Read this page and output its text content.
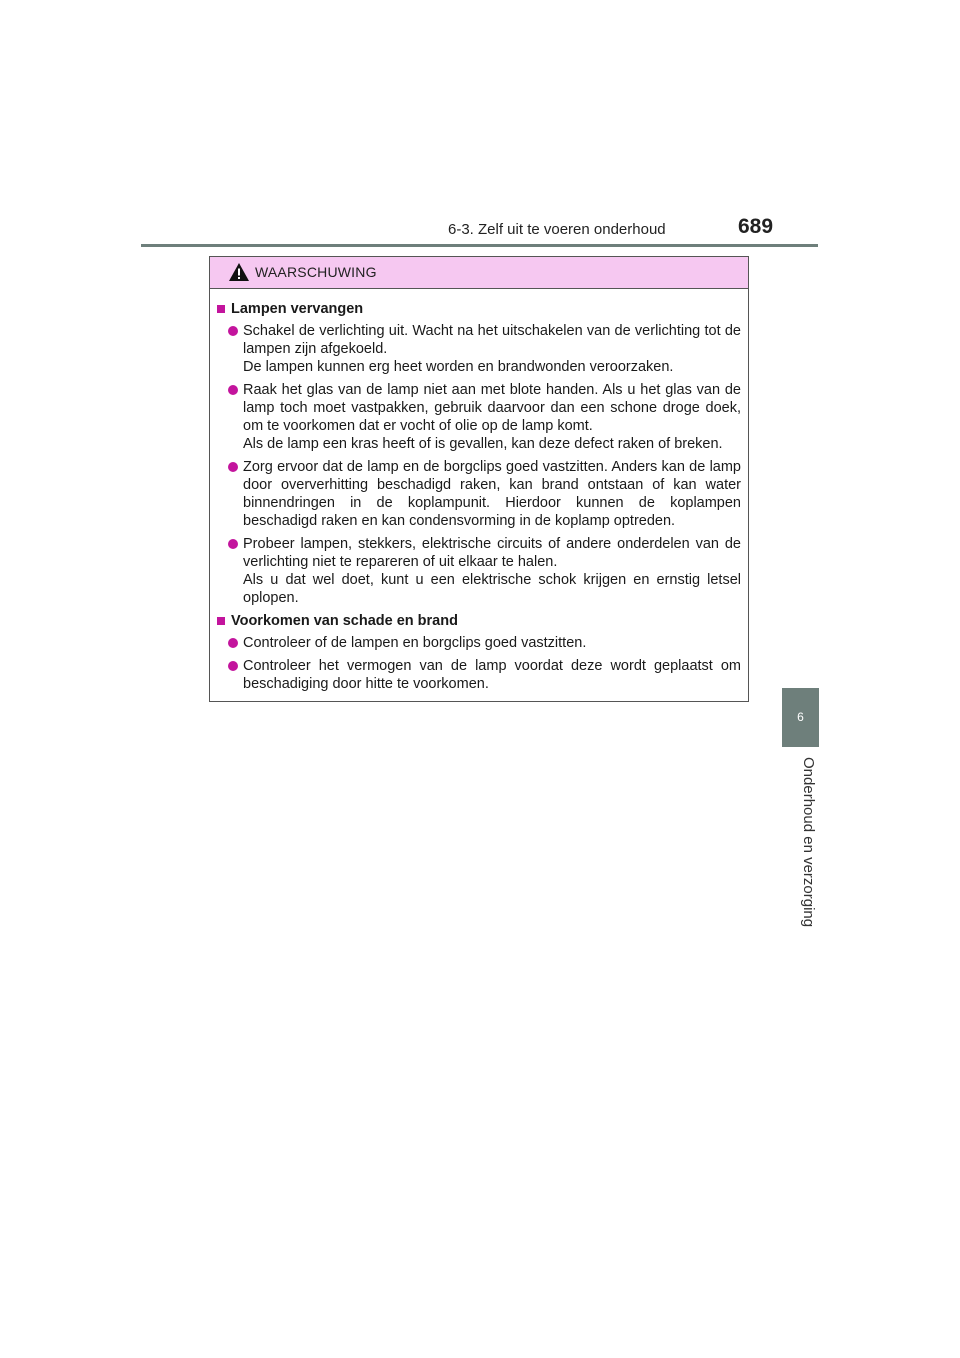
6-3. Zelf uit te voeren onderhoud	689
6
Onderhoud en verzorging
WAARSCHUWING
Lampen vervangen
Schakel de verlichting uit. Wacht na het uitschakelen van de verlichting tot de lampen zijn afgekoeld.
De lampen kunnen erg heet worden en brandwonden veroorzaken.
Raak het glas van de lamp niet aan met blote handen. Als u het glas van de lamp toch moet vastpakken, gebruik daarvoor dan een schone droge doek, om te voorkomen dat er vocht of olie op de lamp komt.
Als de lamp een kras heeft of is gevallen, kan deze defect raken of breken.
Zorg ervoor dat de lamp en de borgclips goed vastzitten. Anders kan de lamp door oververhitting beschadigd raken, kan brand ontstaan of kan water binnendringen in de koplampunit. Hierdoor kunnen de koplampen beschadigd raken en kan condensvorming in de koplamp optreden.
Probeer lampen, stekkers, elektrische circuits of andere onderdelen van de verlichting niet te repareren of uit elkaar te halen.
Als u dat wel doet, kunt u een elektrische schok krijgen en ernstig letsel oplopen.
Voorkomen van schade en brand
Controleer of de lampen en borgclips goed vastzitten.
Controleer het vermogen van de lamp voordat deze wordt geplaatst om beschadiging door hitte te voorkomen.
